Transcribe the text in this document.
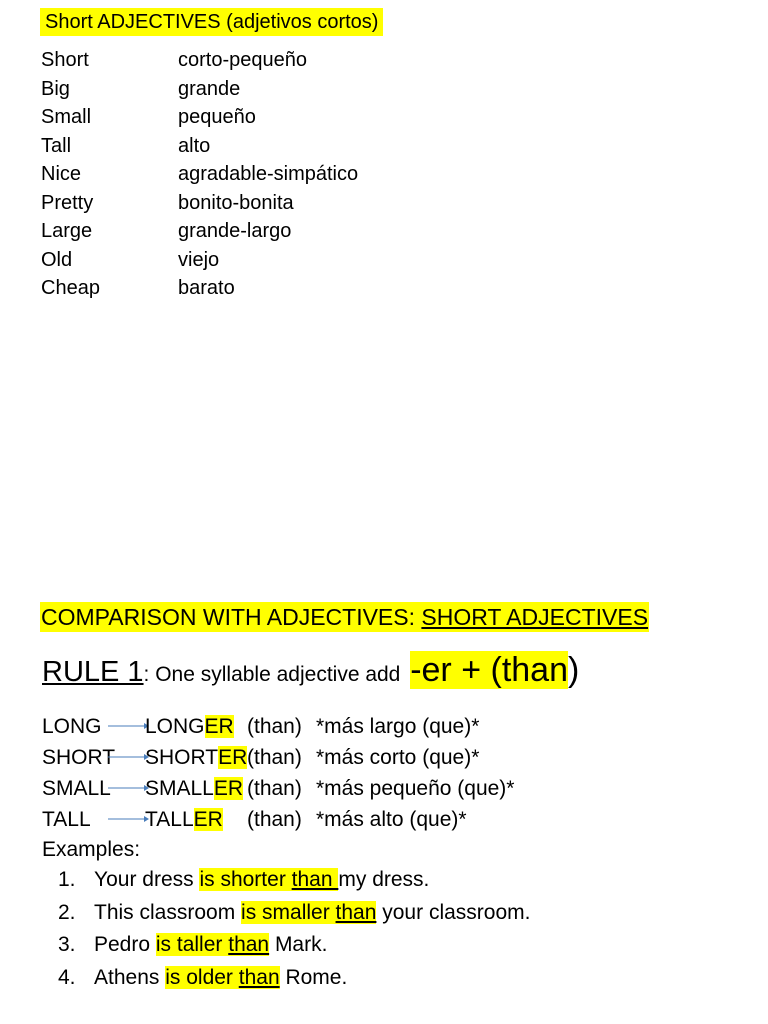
Short ADJECTIVES (adjetivos cortos)
Short	corto-pequeño
Big	grande
Small	pequeño
Tall	alto
Nice	agradable-simpático
Pretty	bonito-bonita
Large	grande-largo
Old	viejo
Cheap	barato
COMPARISON WITH ADJECTIVES: SHORT ADJECTIVES
RULE 1: One syllable adjective add -er + (than)
LONG LONGER (than) *más largo (que)*
SHORT SHORTER (than) *más corto (que)*
SMALL SMALLER (than) *más pequeño (que)*
TALL	TALLER (than) *más alto (que)*
Examples:
1. Your dress is shorter than my dress.
2. This classroom is smaller than your classroom.
3. Pedro is taller than Mark.
4. Athens is older than Rome.
